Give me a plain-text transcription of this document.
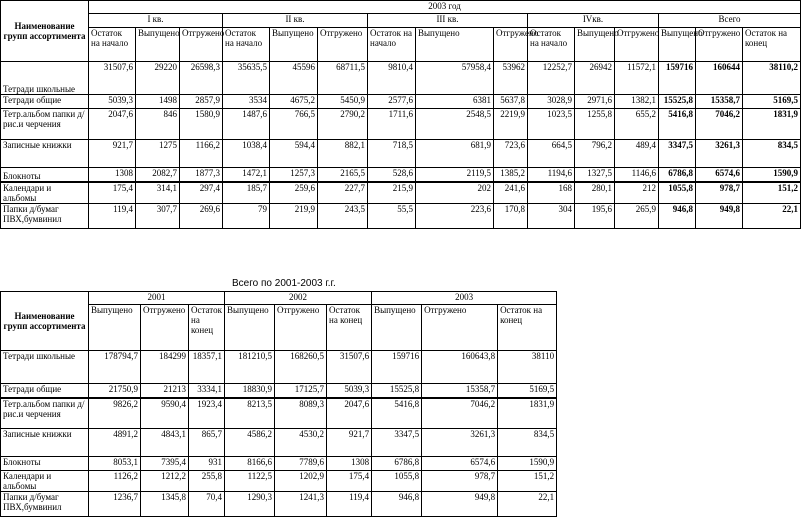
Наименование групп ассортимента	2003 год														
	I кв.			II кв.			III кв.			IVкв.			Всего		
	Остаток на начало	Выпущено	Отгружено	Остаток на начало	Выпущено	Отгружено	Остаток на начало	Выпущено	Отгружено	Остаток на начало	Выпущено	Отгружено	Выпущено	Отгружено	Остаток на конец
Тетради школьные	31507,6	29220	26598,3	35635,5	45596	68711,5	9810,4	57958,4	53962	12252,7	26942	11572,1	159716	160644	38110,2
Тетради общие	5039,3	1498	2857,9	3534	4675,2	5450,9	2577,6	6381	5637,8	3028,9	2971,6	1382,1	15525,8	15358,7	5169,5
Тетр.альбом папки д/рис.и черчения	2047,6	846	1580,9	1487,6	766,5	2790,2	1711,6	2548,5	2219,9	1023,5	1255,8	655,2	5416,8	7046,2	1831,9
Записные книжки	921,7	1275	1166,2	1038,4	594,4	882,1	718,5	681,9	723,6	664,5	796,2	489,4	3347,5	3261,3	834,5
Блокноты	1308	2082,7	1877,3	1472,1	1257,3	2165,5	528,6	2119,5	1385,2	1194,6	1327,5	1146,6	6786,8	6574,6	1590,9
Календари и альбомы	175,4	314,1	297,4	185,7	259,6	227,7	215,9	202	241,6	168	280,1	212	1055,8	978,7	151,2
Папки д/бумаг ПВХ,бумвинил	119,4	307,7	269,6	79	219,9	243,5	55,5	223,6	170,8	304	195,6	265,9	946,8	949,8	22,1
Всего по 2001-2003 г.г.
Наименование групп ассортимента	2001			2002			2003		
	Выпущено	Отгружено	Остаток на конец	Выпущено	Отгружено	Остаток на конец	Выпущено	Отгружено	Остаток на конец
Тетради школьные	178794,7	184299	18357,1	181210,5	168260,5	31507,6	159716	160643,8	38110
Тетради общие	21750,9	21213	3334,1	18830,9	17125,7	5039,3	15525,8	15358,7	5169,5
Тетр.альбом папки д/рис.и черчения	9826,2	9590,4	1923,4	8213,5	8089,3	2047,6	5416,8	7046,2	1831,9
Записные книжки	4891,2	4843,1	865,7	4586,2	4530,2	921,7	3347,5	3261,3	834,5
Блокноты	8053,1	7395,4	931	8166,6	7789,6	1308	6786,8	6574,6	1590,9
Календари и альбомы	1126,2	1212,2	255,8	1122,5	1202,9	175,4	1055,8	978,7	151,2
Папки д/бумаг ПВХ,бумвинил	1236,7	1345,8	70,4	1290,3	1241,3	119,4	946,8	949,8	22,1
